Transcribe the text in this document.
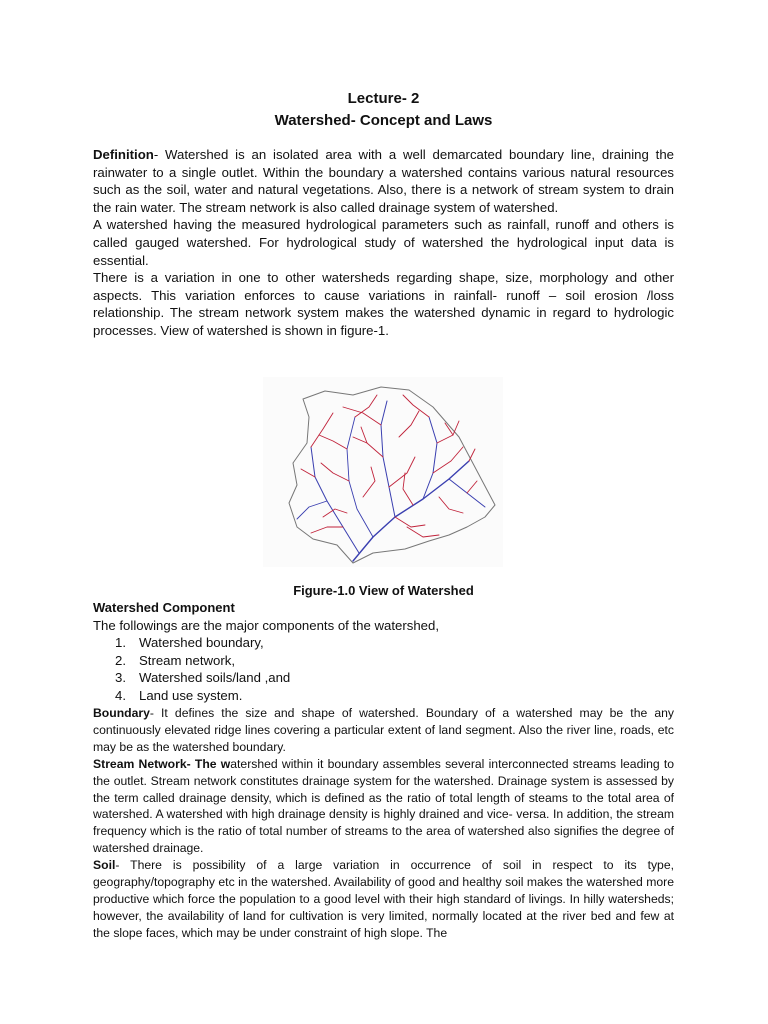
Lecture- 2

Watershed- Concept and Laws

Definition- Watershed is an isolated area with a well demarcated boundary line, draining the rainwater to a single outlet. Within the boundary a watershed contains various natural resources such as the soil, water and natural vegetations. Also, there is a network of stream system to drain the rain water. The stream network is also called drainage system of watershed.

A watershed having the measured hydrological parameters such as rainfall, runoff and others is called gauged watershed. For hydrological study of watershed the hydrological input data is essential.

There is a variation in one to other watersheds regarding shape, size, morphology and other aspects. This variation enforces to cause variations in rainfall- runoff – soil erosion /loss relationship. The stream network system makes the watershed dynamic in regard to hydrologic processes. View of watershed is shown in figure-1.

Figure-1.0 View of Watershed
Watershed Component
The followings are the major components of the watershed,
1. Watershed boundary,
2. Stream network,
3. Watershed soils/land ,and
4. Land use system.

Boundary- It defines the size and shape of watershed. Boundary of a watershed may be the any continuously elevated ridge lines covering a particular extent of land segment. Also the river line, roads, etc may be as the watershed boundary.

Stream Network- The watershed within it boundary assembles several interconnected streams leading to the outlet. Stream network constitutes drainage system for the watershed. Drainage system is assessed by the term called drainage density, which is defined as the ratio of total length of steams to the total area of watershed. A watershed with high drainage density is highly drained and vice- versa. In addition, the stream frequency which is the ratio of total number of streams to the area of watershed also signifies the degree of watershed drainage.

Soil- There is possibility of a large variation in occurrence of soil in respect to its type, geography/topography etc in the watershed. Availability of good and healthy soil makes the watershed more productive which force the population to a good level with their high standard of livings. In hilly watersheds; however, the availability of land for cultivation is very limited, normally located at the river bed and few at the slope faces, which may be under constraint of high slope. The
